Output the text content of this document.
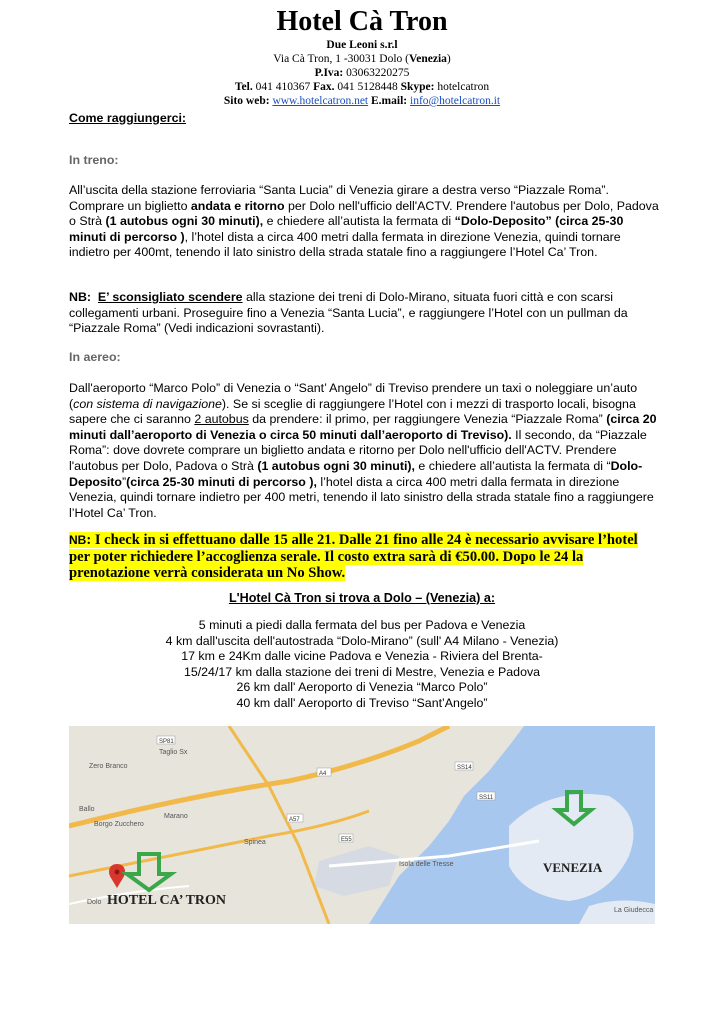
Hotel Cà Tron
Due Leoni s.r.l
Via Cà Tron, 1 -30031 Dolo (Venezia)
P.Iva: 03063220275
Tel. 041 410367 Fax. 041 5128448 Skype: hotelcatron
Sito web: www.hotelcatron.net E.mail: info@hotelcatron.it
Come raggiungerci:
In treno:

All’uscita della stazione ferroviaria “Santa Lucia” di Venezia girare a destra verso “Piazzale Roma”. Comprare un biglietto andata e ritorno per Dolo nell'ufficio dell'ACTV. Prendere l'autobus per Dolo, Padova o Strà (1 autobus ogni 30 minuti), e chiedere all’autista la fermata di “Dolo-Deposito” (circa 25-30 minuti di percorso ), l’hotel dista a circa 400 metri dalla fermata in direzione Venezia, quindi tornare indietro per 400mt, tenendo il lato sinistro della strada statale fino a raggiungere l’Hotel Ca’ Tron.

NB: E’ sconsigliato scendere alla stazione dei treni di Dolo-Mirano, situata fuori città e con scarsi collegamenti urbani. Proseguire fino a Venezia “Santa Lucia”, e raggiungere l’Hotel con un pullman da “Piazzale Roma” (Vedi indicazioni sovrastanti).

In aereo:

Dall'aeroporto “Marco Polo” di Venezia o “Sant’ Angelo” di Treviso prendere un taxi o noleggiare un’auto (con sistema di navigazione). Se si sceglie di raggiungere l’Hotel con i mezzi di trasporto locali, bisogna sapere che ci saranno 2 autobus da prendere: il primo, per raggiungere Venezia “Piazzale Roma” (circa 20 minuti dall’aeroporto di Venezia o circa 50 minuti dall’aeroporto di Treviso). Il secondo, da “Piazzale Roma”: dove dovrete comprare un biglietto andata e ritorno per Dolo nell'ufficio dell'ACTV. Prendere l'autobus per Dolo, Padova o Strà (1 autobus ogni 30 minuti), e chiedere all’autista la fermata di “Dolo-Deposito”(circa 25-30 minuti di percorso ), l’hotel dista a circa 400 metri dalla fermata in direzione Venezia, quindi tornare indietro per 400 metri, tenendo il lato sinistro della strada statale fino a raggiungere l’Hotel Ca’ Tron.

NB: I check in si effettuano dalle 15 alle 21. Dalle 21 fino alle 24 è necessario avvisare l’hotel per poter richiedere l’accoglienza serale. Il costo extra sarà di €50.00. Dopo le 24 la prenotazione verrà considerata un No Show.
L'Hotel Cà Tron si trova a Dolo – (Venezia) a:
5 minuti a piedi dalla fermata del bus per Padova e Venezia
4 km dall'uscita dell'autostrada “Dolo-Mirano” (sull' A4 Milano - Venezia)
17 km e 24Km dalle vicine Padova e Venezia - Riviera del Brenta-
15/24/17 km dalla stazione dei treni di Mestre, Venezia e Padova
26 km dall' Aeroporto di Venezia “Marco Polo”
40 km dall' Aeroporto di Treviso “Sant’Angelo”
Taglio Sx
Zero Branco
Borgo Zucchero
Marano
Ballo
Spinea
Dolo
Isola delle Tresse
La Giudecca
SP81
A4
A57
SS14
SS11
E55
HOTEL CA’ TRON
VENEZIA
